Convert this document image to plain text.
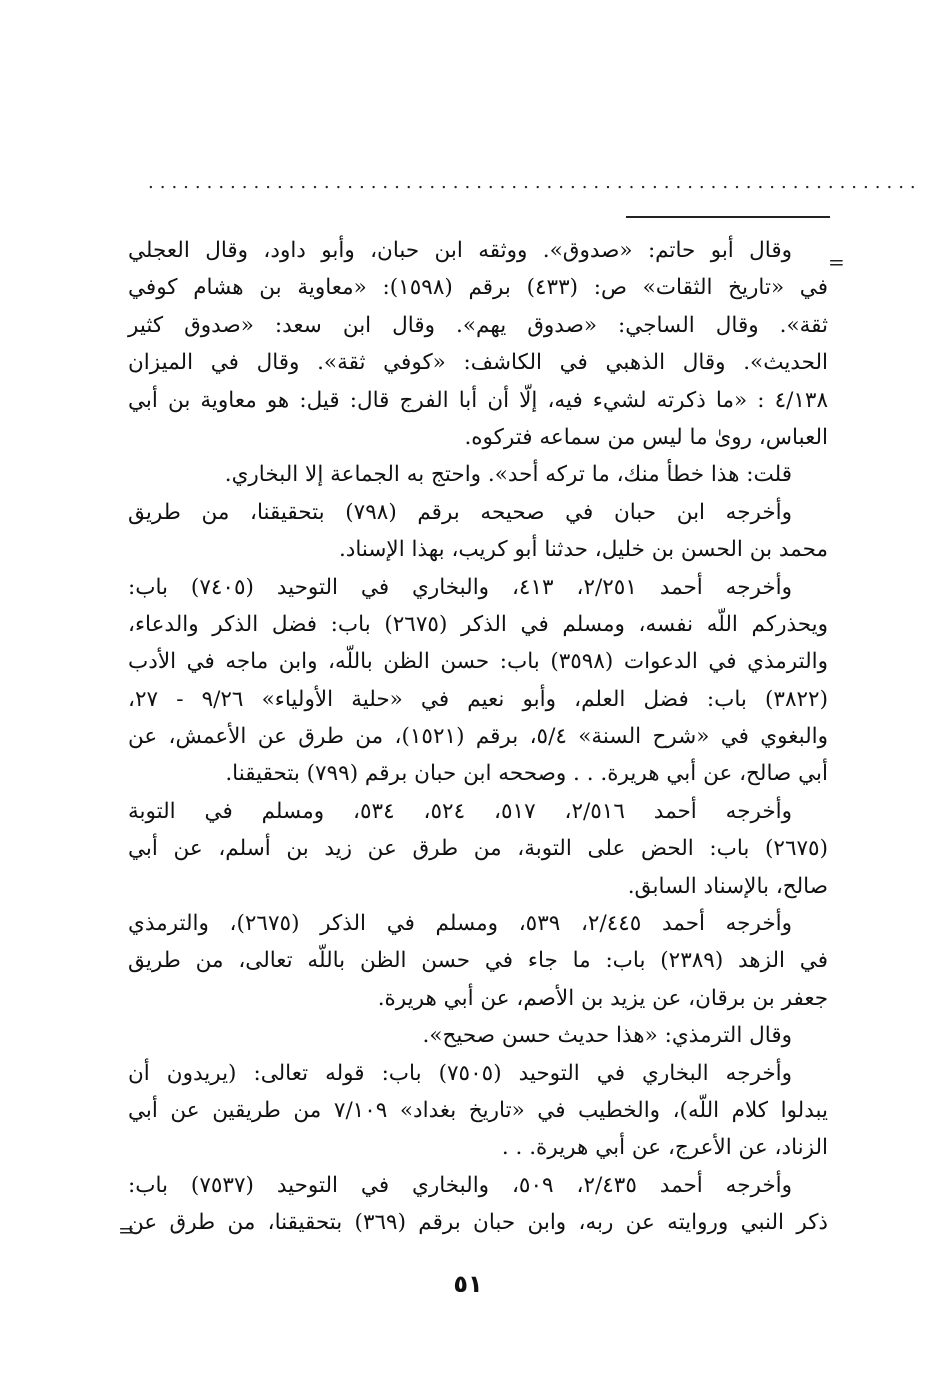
..................................................................
=
وقال أبو حاتم: «صدوق». ووثقه ابن حبان، وأبو داود، وقال العجلي
في «تاريخ الثقات» ص: (٤٣٣) برقم (١٥٩٨): «معاوية بن هشام كوفي
ثقة». وقال الساجي: «صدوق يهم». وقال ابن سعد: «صدوق كثير
الحديث». وقال الذهبي في الكاشف: «كوفي ثقة». وقال في الميزان
٤/١٣٨ : «ما ذكرته لشيء فيه، إلّا أن أبا الفرج قال: قيل: هو معاوية بن أبي
العباس، روىٰ ما ليس من سماعه فتركوه.
قلت: هذا خطأ منك، ما تركه أحد». واحتج به الجماعة إلا البخاري.
وأخرجه ابن حبان في صحيحه برقم (٧٩٨) بتحقيقنا، من طريق
محمد بن الحسن بن خليل، حدثنا أبو كريب، بهذا الإسناد.
وأخرجه أحمد ٢/٢٥١، ٤١٣، والبخاري في التوحيد (٧٤٠٥) باب:
ويحذركم اللّه نفسه، ومسلم في الذكر (٢٦٧٥) باب: فضل الذكر والدعاء،
والترمذي في الدعوات (٣٥٩٨) باب: حسن الظن باللّه، وابن ماجه في الأدب
(٣٨٢٢) باب: فضل العلم، وأبو نعيم في «حلية الأولياء» ٩/٢٦ - ٢٧،
والبغوي في «شرح السنة» ٥/٤، برقم (١٥٢١)، من طرق عن الأعمش، عن
أبي صالح، عن أبي هريرة. . . وصححه ابن حبان برقم (٧٩٩) بتحقيقنا.
وأخرجه أحمد ٢/٥١٦، ٥١٧، ٥٢٤، ٥٣٤، ومسلم في التوبة
(٢٦٧٥) باب: الحض على التوبة، من طرق عن زيد بن أسلم، عن أبي
صالح، بالإسناد السابق.
وأخرجه أحمد ٢/٤٤٥، ٥٣٩، ومسلم في الذكر (٢٦٧٥)، والترمذي
في الزهد (٢٣٨٩) باب: ما جاء في حسن الظن باللّه تعالى، من طريق
جعفر بن برقان، عن يزيد بن الأصم، عن أبي هريرة.
وقال الترمذي: «هذا حديث حسن صحيح».
وأخرجه البخاري في التوحيد (٧٥٠٥) باب: قوله تعالى: (يريدون أن
يبدلوا كلام اللّه)، والخطيب في «تاريخ بغداد» ٧/١٠٩ من طريقين عن أبي
الزناد، عن الأعرج، عن أبي هريرة. . .
وأخرجه أحمد ٢/٤٣٥، ٥٠٩، والبخاري في التوحيد (٧٥٣٧) باب:
ذكر النبي وروايته عن ربه، وابن حبان برقم (٣٦٩) بتحقيقنا، من طرق عن
=
٥١
